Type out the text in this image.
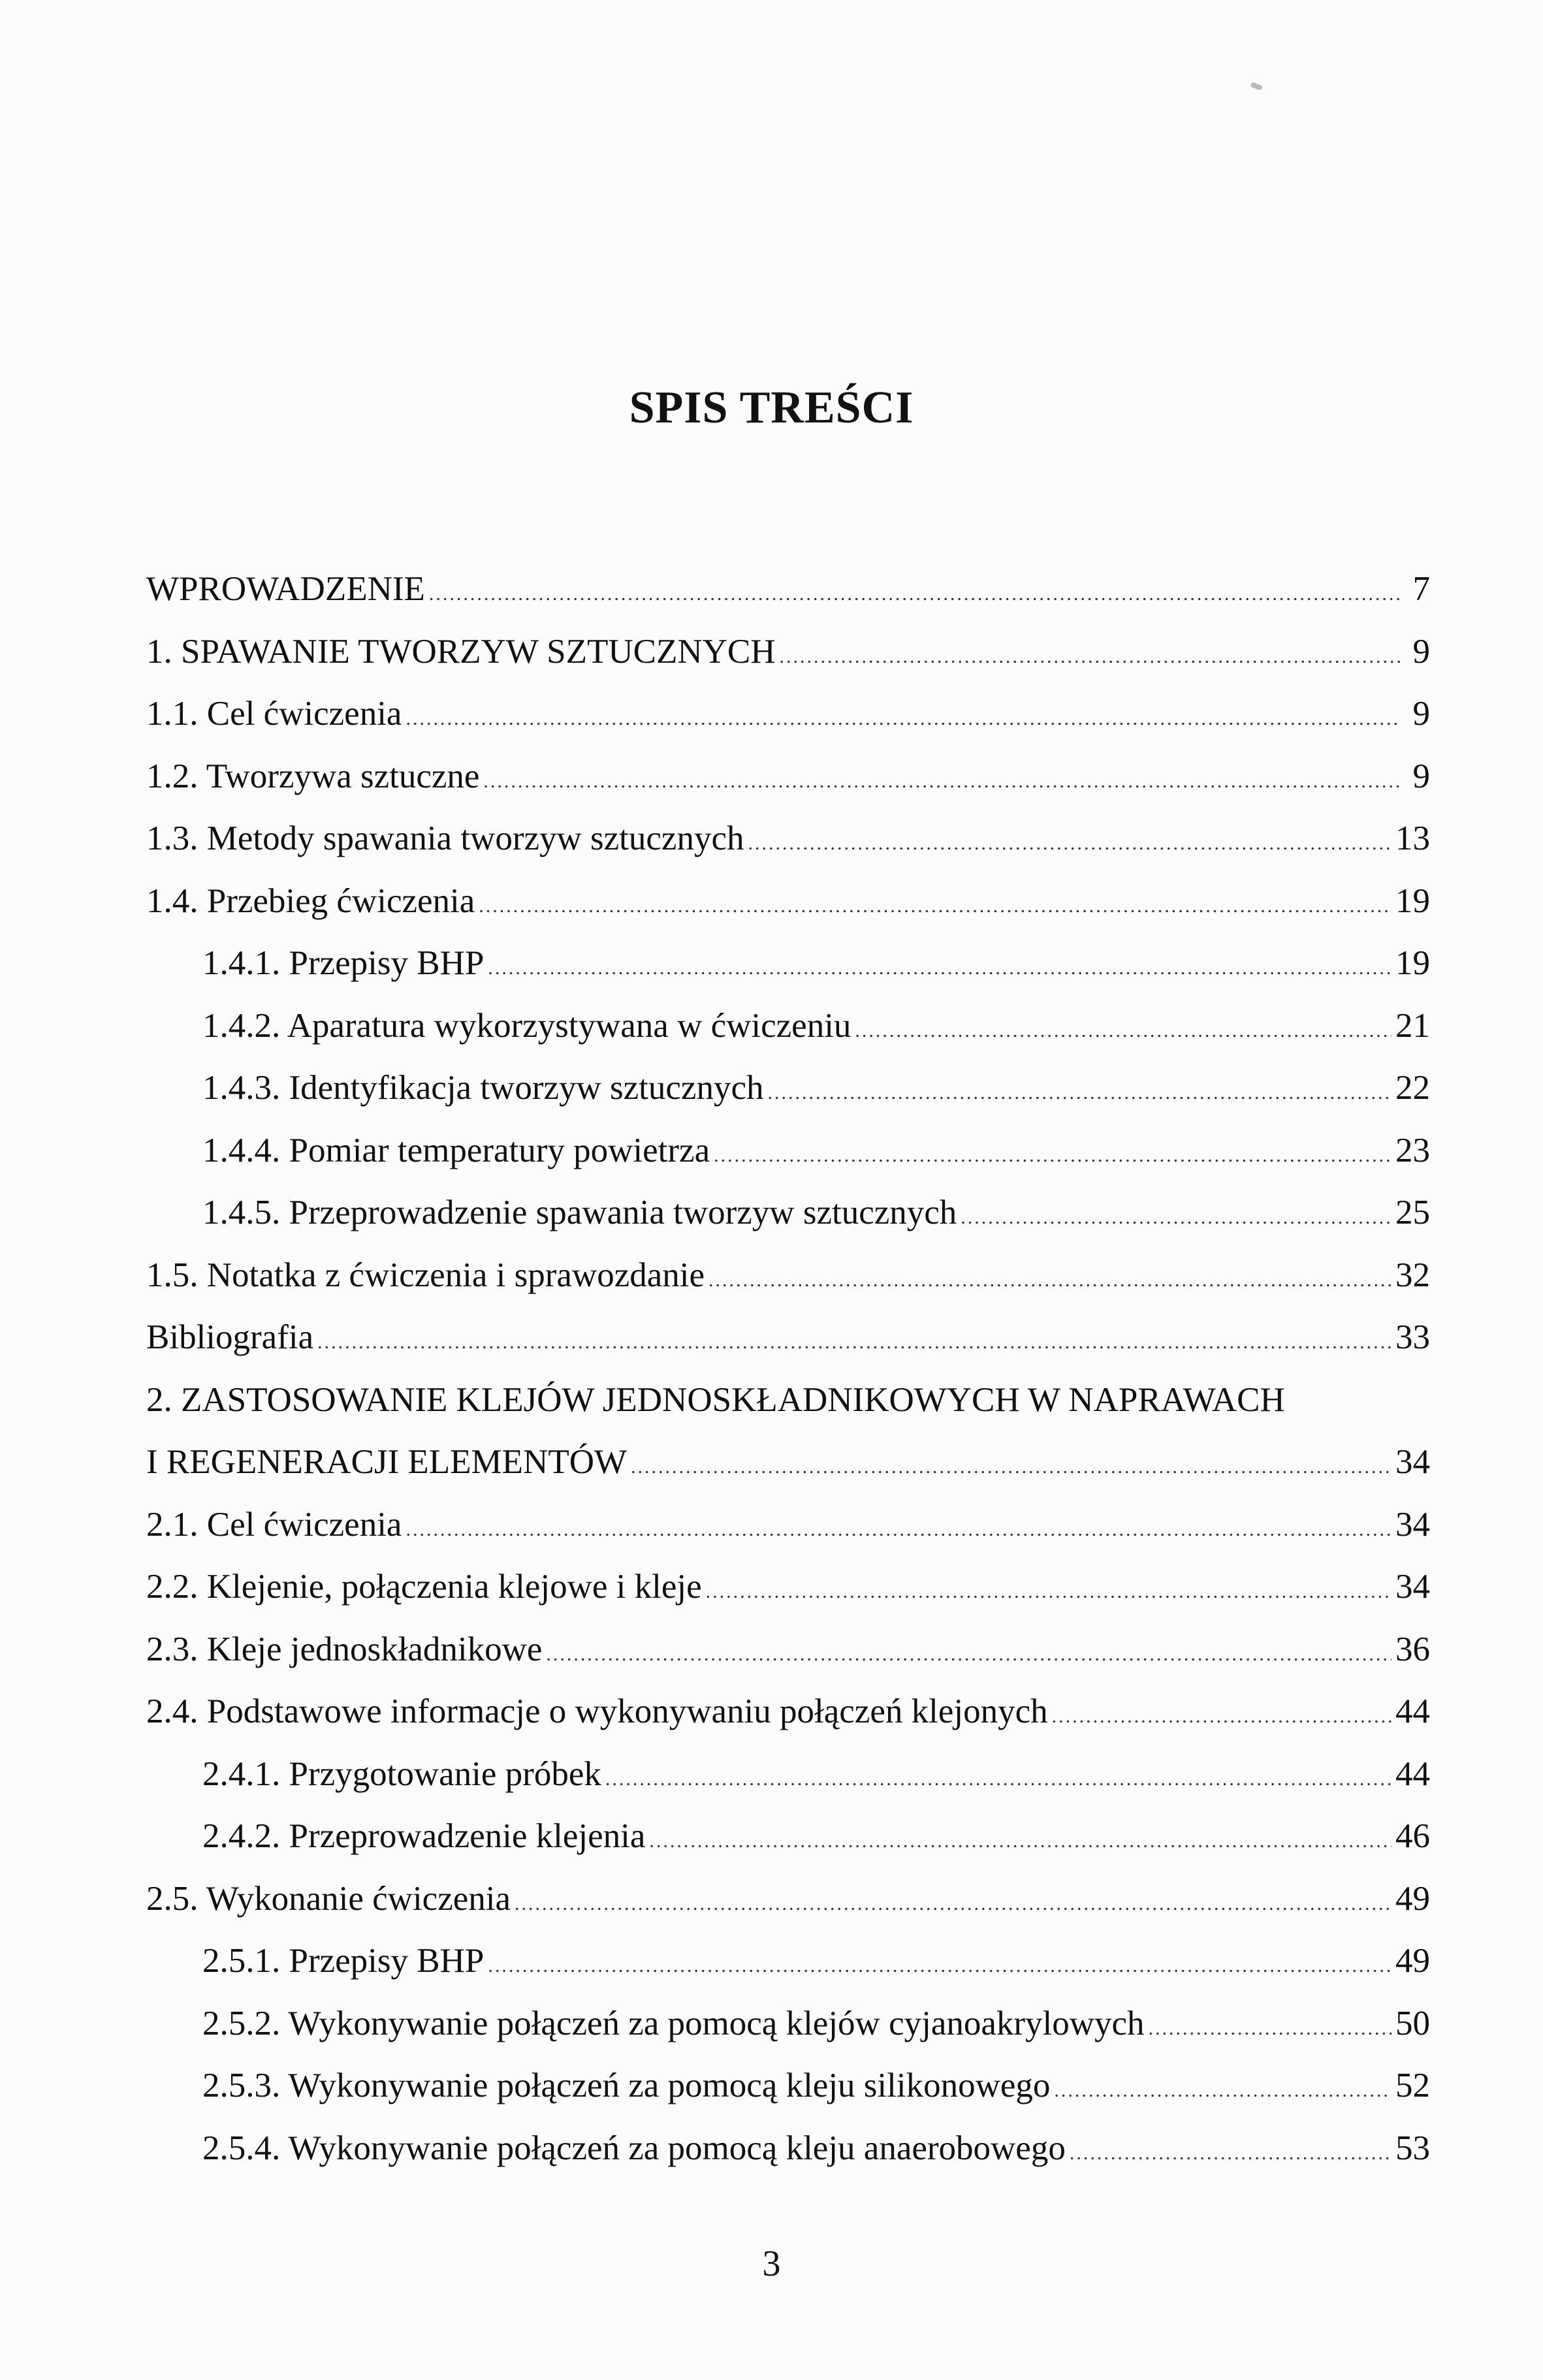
SPIS TREŚCI
WPROWADZENIE .....	7
1. SPAWANIE TWORZYW SZTUCZNYCH .....	9
1.1. Cel ćwiczenia .....	9
1.2. Tworzywa sztuczne .....	9
1.3. Metody spawania tworzyw sztucznych .....	13
1.4. Przebieg ćwiczenia .....	19
1.4.1. Przepisy BHP .....	19
1.4.2. Aparatura wykorzystywana w ćwiczeniu .....	21
1.4.3. Identyfikacja tworzyw sztucznych .....	22
1.4.4. Pomiar temperatury powietrza .....	23
1.4.5. Przeprowadzenie spawania tworzyw sztucznych .....	25
1.5. Notatka z ćwiczenia i sprawozdanie .....	32
Bibliografia .....	33
2. ZASTOSOWANIE KLEJÓW JEDNOSKŁADNIKOWYCH W NAPRAWACH
I REGENERACJI ELEMENTÓW .....	34
2.1. Cel ćwiczenia .....	34
2.2. Klejenie, połączenia klejowe i kleje .....	34
2.3. Kleje jednoskładnikowe .....	36
2.4. Podstawowe informacje o wykonywaniu połączeń klejonych .....	44
2.4.1. Przygotowanie próbek .....	44
2.4.2. Przeprowadzenie klejenia .....	46
2.5. Wykonanie ćwiczenia .....	49
2.5.1. Przepisy BHP .....	49
2.5.2. Wykonywanie połączeń za pomocą klejów cyjanoakrylowych .....	50
2.5.3. Wykonywanie połączeń za pomocą kleju silikonowego .....	52
2.5.4. Wykonywanie połączeń za pomocą kleju anaerobowego .....	53
3
